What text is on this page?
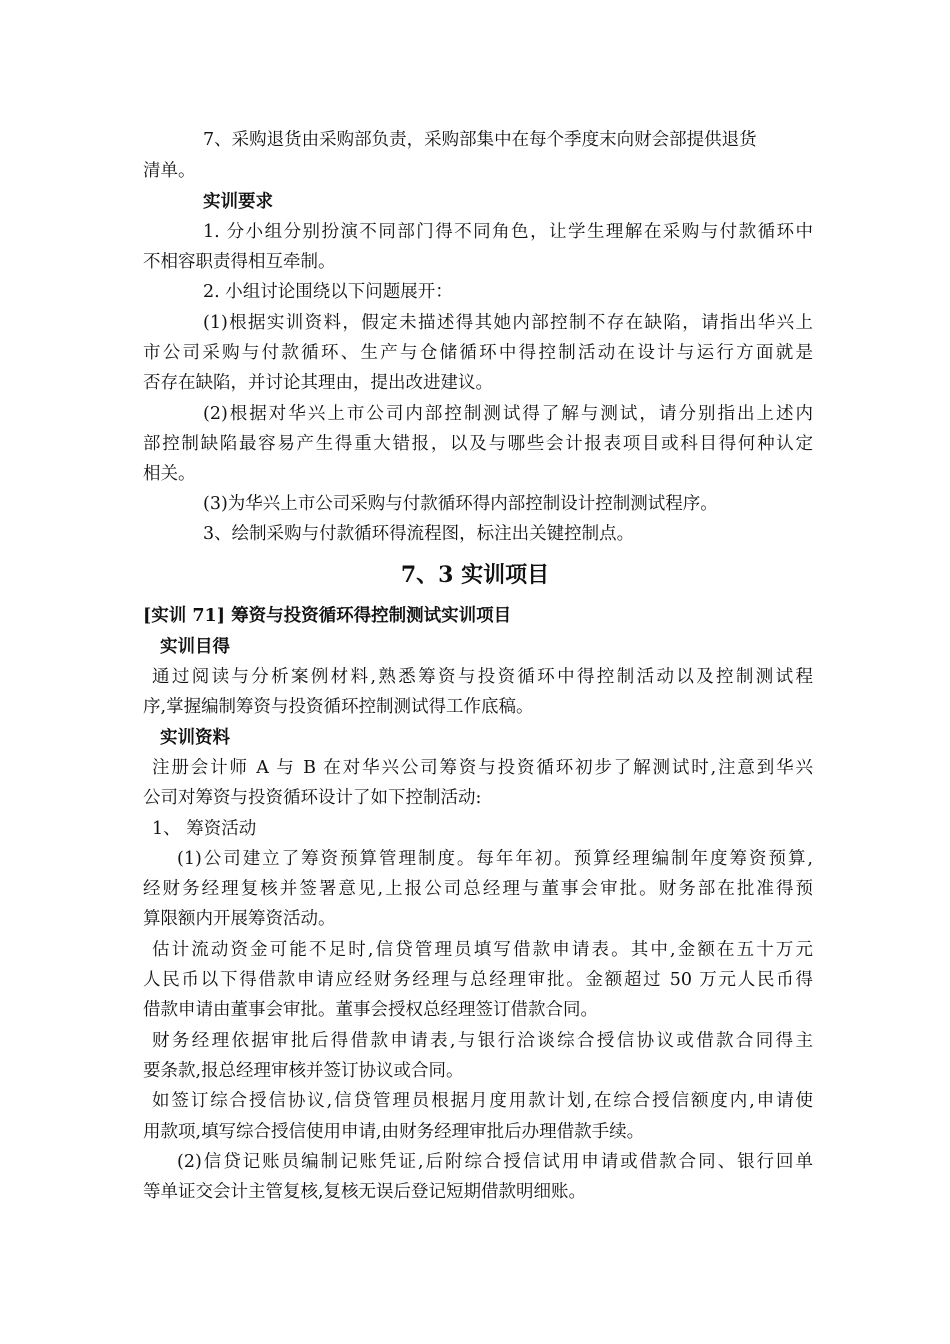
7、采购退货由采购部负责，采购部集中在每个季度末向财会部提供退货
清单。
实训要求
1. 分小组分别扮演不同部门得不同角色，让学生理解在采购与付款循环中
不相容职责得相互牵制。
2. 小组讨论围绕以下问题展开：
(1)根据实训资料，假定未描述得其她内部控制不存在缺陷，请指出华兴上
市公司采购与付款循环、生产与仓储循环中得控制活动在设计与运行方面就是
否存在缺陷，并讨论其理由，提出改进建议。
(2)根据对华兴上市公司内部控制测试得了解与测试，请分别指出上述内
部控制缺陷最容易产生得重大错报，以及与哪些会计报表项目或科目得何种认定
相关。
(3)为华兴上市公司采购与付款循环得内部控制设计控制测试程序。
3、绘制采购与付款循环得流程图，标注出关键控制点。
7、3 实训项目
[实训 71] 筹资与投资循环得控制测试实训项目
实训目得
通过阅读与分析案例材料,熟悉筹资与投资循环中得控制活动以及控制测试程
序,掌握编制筹资与投资循环控制测试得工作底稿。
实训资料
注册会计师 A 与 B 在对华兴公司筹资与投资循环初步了解测试时,注意到华兴
公司对筹资与投资循环设计了如下控制活动:
1、 筹资活动
(1)公司建立了筹资预算管理制度。每年年初。预算经理编制年度筹资预算,
经财务经理复核并签署意见,上报公司总经理与董事会审批。财务部在批准得预
算限额内开展筹资活动。
估计流动资金可能不足时,信贷管理员填写借款申请表。其中,金额在五十万元
人民币以下得借款申请应经财务经理与总经理审批。金额超过 50 万元人民币得
借款申请由董事会审批。董事会授权总经理签订借款合同。
财务经理依据审批后得借款申请表,与银行洽谈综合授信协议或借款合同得主
要条款,报总经理审核并签订协议或合同。
如签订综合授信协议,信贷管理员根据月度用款计划,在综合授信额度内,申请使
用款项,填写综合授信使用申请,由财务经理审批后办理借款手续。
(2)信贷记账员编制记账凭证,后附综合授信试用申请或借款合同、银行回单
等单证交会计主管复核,复核无误后登记短期借款明细账。
